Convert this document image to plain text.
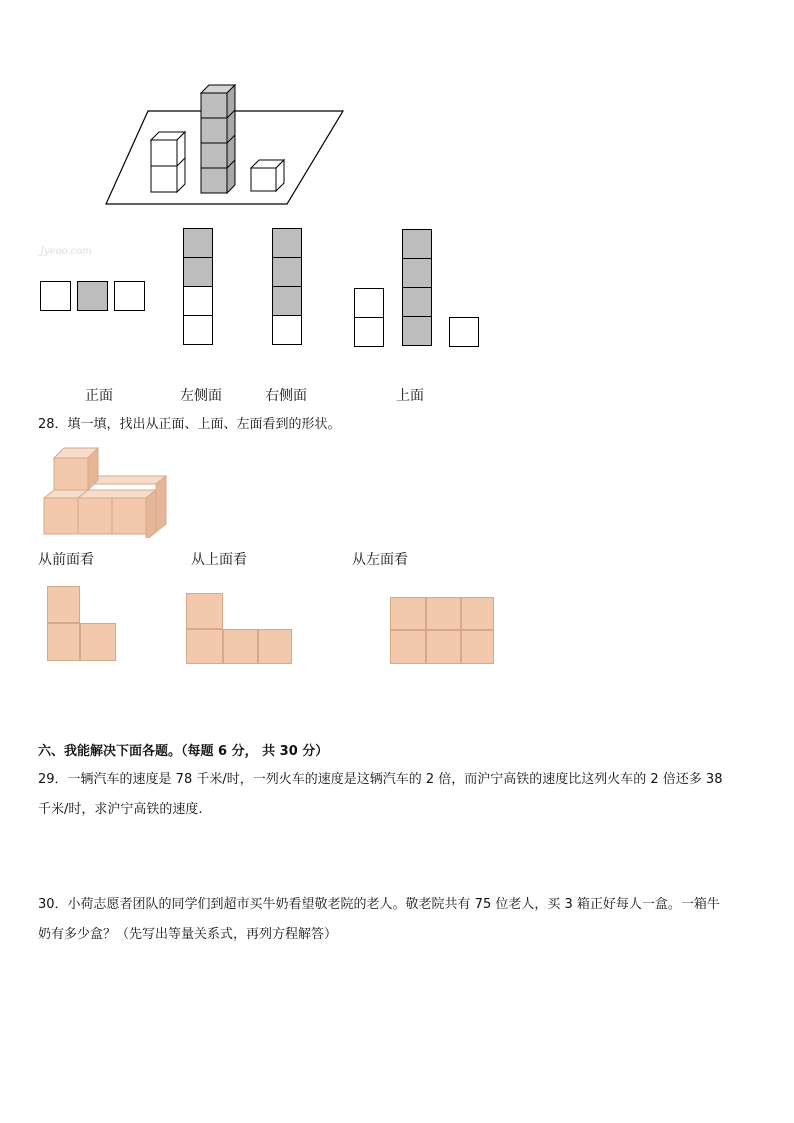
Jyeoo.com
正面	左侧面	右侧面	上面
28．填一填，找出从正面、上面、左面看到的形状。
从前面看	从上面看	从左面看
六、我能解决下面各题。（每题 6 分， 共 30 分）
29．一辆汽车的速度是 78 千米/时，一列火车的速度是这辆汽车的 2 倍，而沪宁高铁的速度比这列火车的 2 倍还多 38
千米/时，求沪宁高铁的速度.
30．小荷志愿者团队的同学们到超市买牛奶看望敬老院的老人。敬老院共有 75 位老人，买 3 箱正好每人一盒。一箱牛
奶有多少盒？（先写出等量关系式，再列方程解答）
